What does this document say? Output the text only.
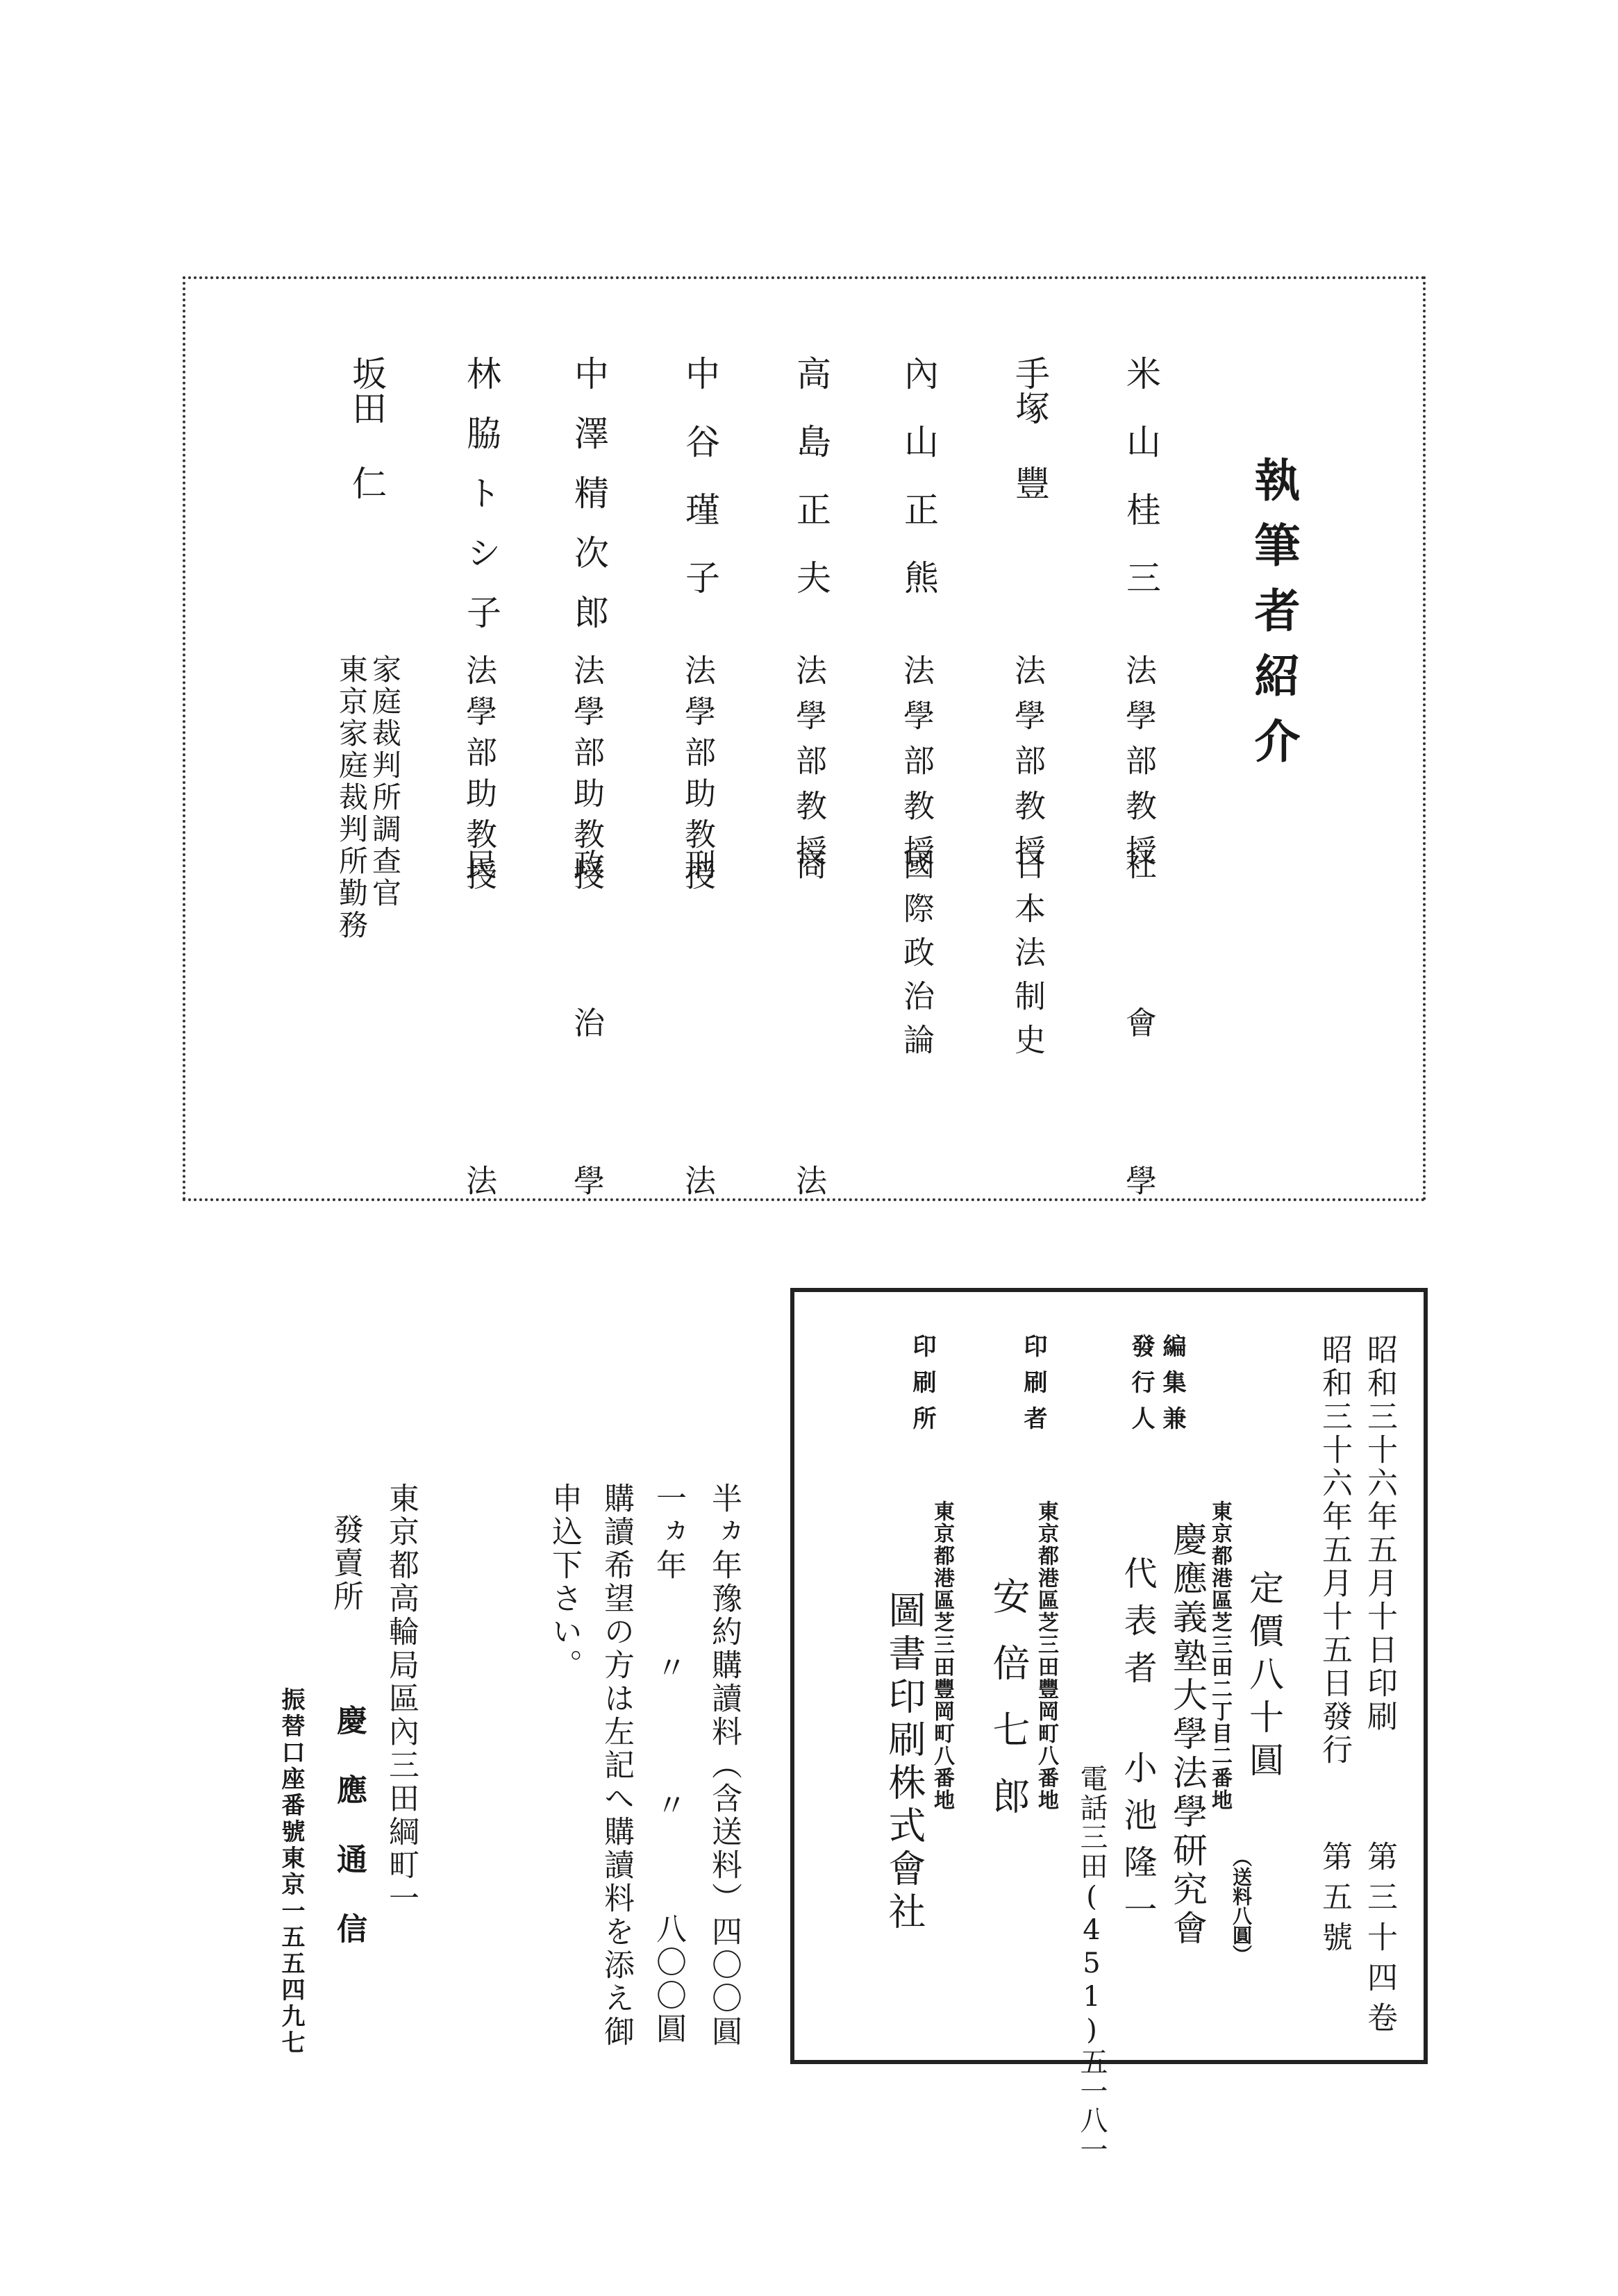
執筆者紹介
米山桂三
法學部教授
社會學
手塚 豐
法學部教授
日本法制史
內山正熊
法學部教授
國際政治論
高島正夫
法學部教授
商法
中谷瑾子
法學部助教授
刑法
中澤精次郎
法學部助教授
政治學
林脇トシ子
法學部助教授
民法
坂田 仁
家庭裁判所調查官
東京家庭裁判所勤務
昭和三十六年五月十日印刷
昭和三十六年五月十五日發行
第三十四卷
第五號
定價八十圓
（送料八圓）
編集兼
發行人
東京都港區芝三田二丁目二番地
慶應義塾大學法學研究會
代表者 小池隆一
電話三田(451)五一八一
印刷者
東京都港區芝三田豐岡町八番地
安倍七郎
印刷所
東京都港區芝三田豐岡町八番地
圖書印刷株式會社
半ヵ年豫約購讀料（含送料）四〇〇圓
一ヵ年〃〃八〇〇圓
購讀希望の方は左記へ購讀料を添え御
申込下さい。
東京都高輪局區內三田綱町一
發賣所
慶應通信
振替口座番號東京一五五四九七
